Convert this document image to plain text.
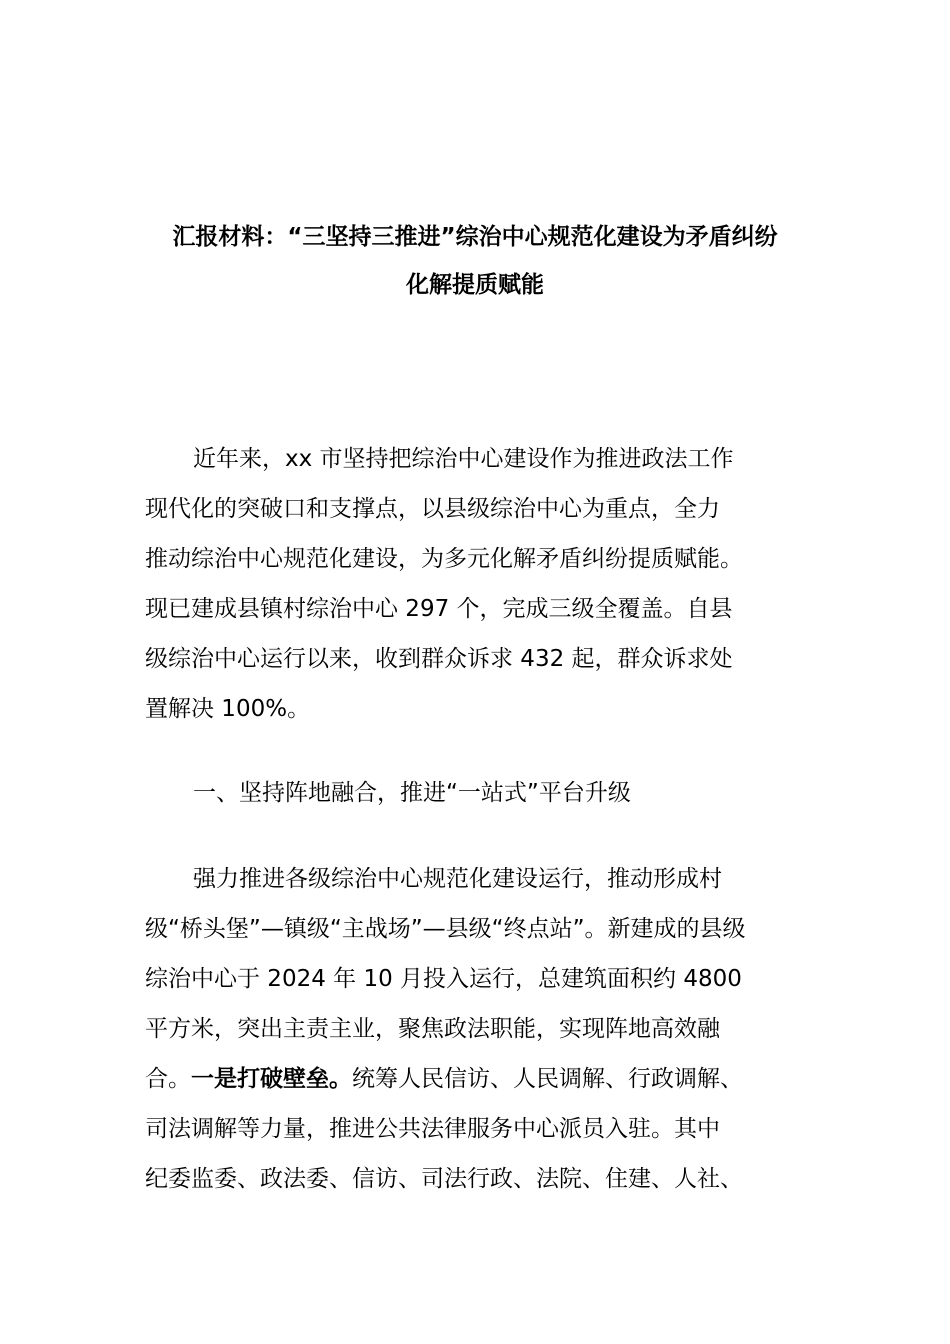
汇报材料：“三坚持三推进”综治中心规范化建设为矛盾纠纷
化解提质赋能
近年来，xx 市坚持把综治中心建设作为推进政法工作
现代化的突破口和支撑点，以县级综治中心为重点，全力
推动综治中心规范化建设，为多元化解矛盾纠纷提质赋能。
现已建成县镇村综治中心 297 个，完成三级全覆盖。自县
级综治中心运行以来，收到群众诉求 432 起，群众诉求处
置解决 100%。
一、坚持阵地融合，推进“一站式”平台升级
强力推进各级综治中心规范化建设运行，推动形成村
级“桥头堡”—镇级“主战场”—县级“终点站”。新建成的县级
综治中心于 2024 年 10 月投入运行，总建筑面积约 4800
平方米，突出主责主业，聚焦政法职能，实现阵地高效融
合。一是打破壁垒。统筹人民信访、人民调解、行政调解、
司法调解等力量，推进公共法律服务中心派员入驻。其中
纪委监委、政法委、信访、司法行政、法院、住建、人社、
